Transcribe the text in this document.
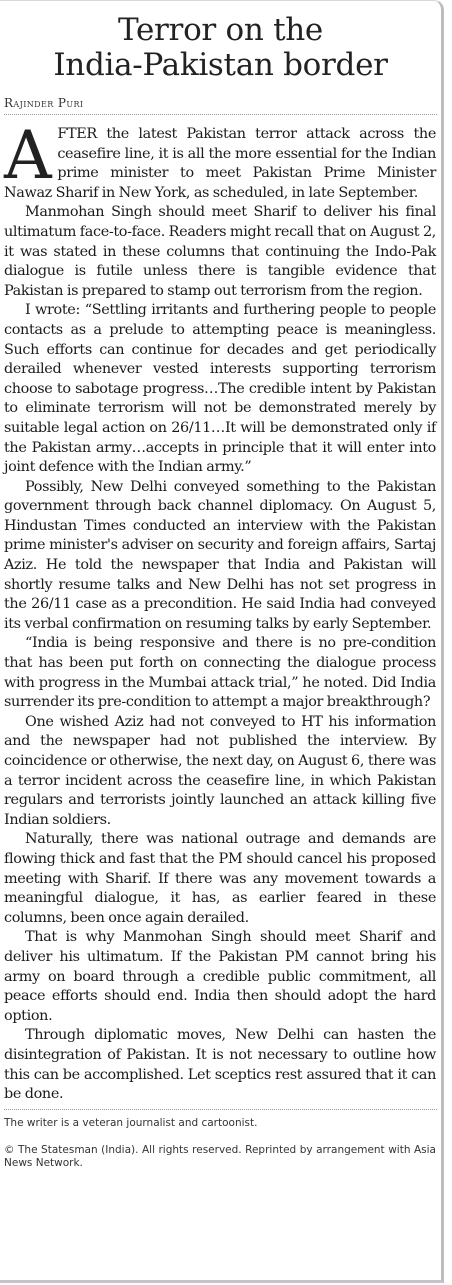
Terror on the
India-Pakistan border
Rajinder Puri

AFTER the latest Pakistan terror attack across the ceasefire line, it is all the more essential for the Indian prime minister to meet Pakistan Prime Minister Nawaz Sharif in New York, as scheduled, in late September.

Manmohan Singh should meet Sharif to deliver his final ultimatum face-to-face. Readers might recall that on August 2, it was stated in these columns that continuing the Indo-Pak dialogue is futile unless there is tangible evidence that Pakistan is prepared to stamp out terrorism from the region.

I wrote: “Settling irritants and furthering people to people contacts as a prelude to attempting peace is meaningless. Such efforts can continue for decades and get periodically derailed whenever vested interests supporting terrorism choose to sabotage progress…The credible intent by Pakistan to eliminate terrorism will not be demonstrated merely by suitable legal action on 26/11…It will be demonstrated only if the Pakistan army…accepts in principle that it will enter into joint defence with the Indian army.”

Possibly, New Delhi conveyed something to the Pakistan government through back channel diplomacy. On August 5, Hindustan Times conducted an interview with the Pakistan prime minister's adviser on security and foreign affairs, Sartaj Aziz. He told the newspaper that India and Pakistan will shortly resume talks and New Delhi has not set progress in the 26/11 case as a precondition. He said India had conveyed its verbal confirmation on resuming talks by early September.

“India is being responsive and there is no pre-condition that has been put forth on connecting the dialogue process with progress in the Mumbai attack trial,” he noted. Did India surrender its pre-condition to attempt a major breakthrough?

One wished Aziz had not conveyed to HT his information and the newspaper had not published the interview. By coincidence or otherwise, the next day, on August 6, there was a terror incident across the ceasefire line, in which Pakistan regulars and terrorists jointly launched an attack killing five Indian soldiers.

Naturally, there was national outrage and demands are flowing thick and fast that the PM should cancel his proposed meeting with Sharif. If there was any movement towards a meaningful dialogue, it has, as earlier feared in these columns, been once again derailed.

That is why Manmohan Singh should meet Sharif and deliver his ultimatum. If the Pakistan PM cannot bring his army on board through a credible public commitment, all peace efforts should end. India then should adopt the hard option.

Through diplomatic moves, New Delhi can hasten the disintegration of Pakistan. It is not necessary to outline how this can be accomplished. Let sceptics rest assured that it can be done.

The writer is a veteran journalist and cartoonist.
© The Statesman (India). All rights reserved. Reprinted by arrangement with Asia News Network.
